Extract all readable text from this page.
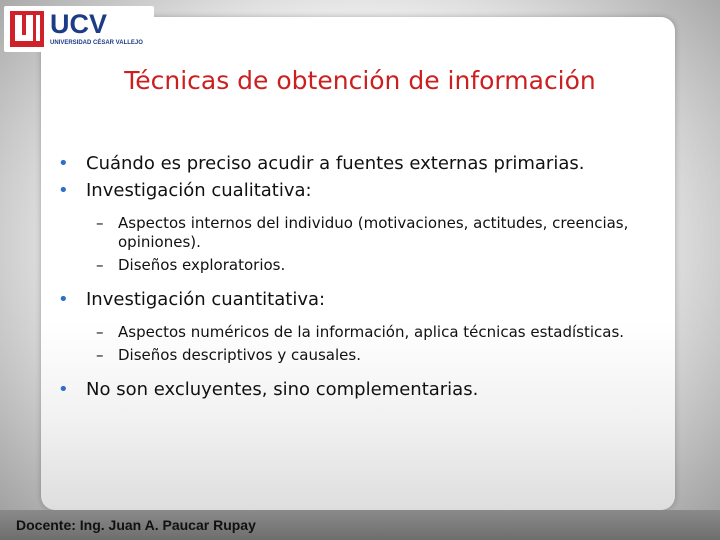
UCV
UNIVERSIDAD CÉSAR VALLEJO
Técnicas de obtención de información
• Cuándo es preciso acudir a fuentes externas primarias.
• Investigación cualitativa:
– Aspectos internos del individuo (motivaciones, actitudes, creencias, opiniones).
– Diseños exploratorios.
• Investigación cuantitativa:
– Aspectos numéricos de la información, aplica técnicas estadísticas.
– Diseños descriptivos y causales.
• No son excluyentes, sino complementarias.
Docente: Ing. Juan A. Paucar Rupay
